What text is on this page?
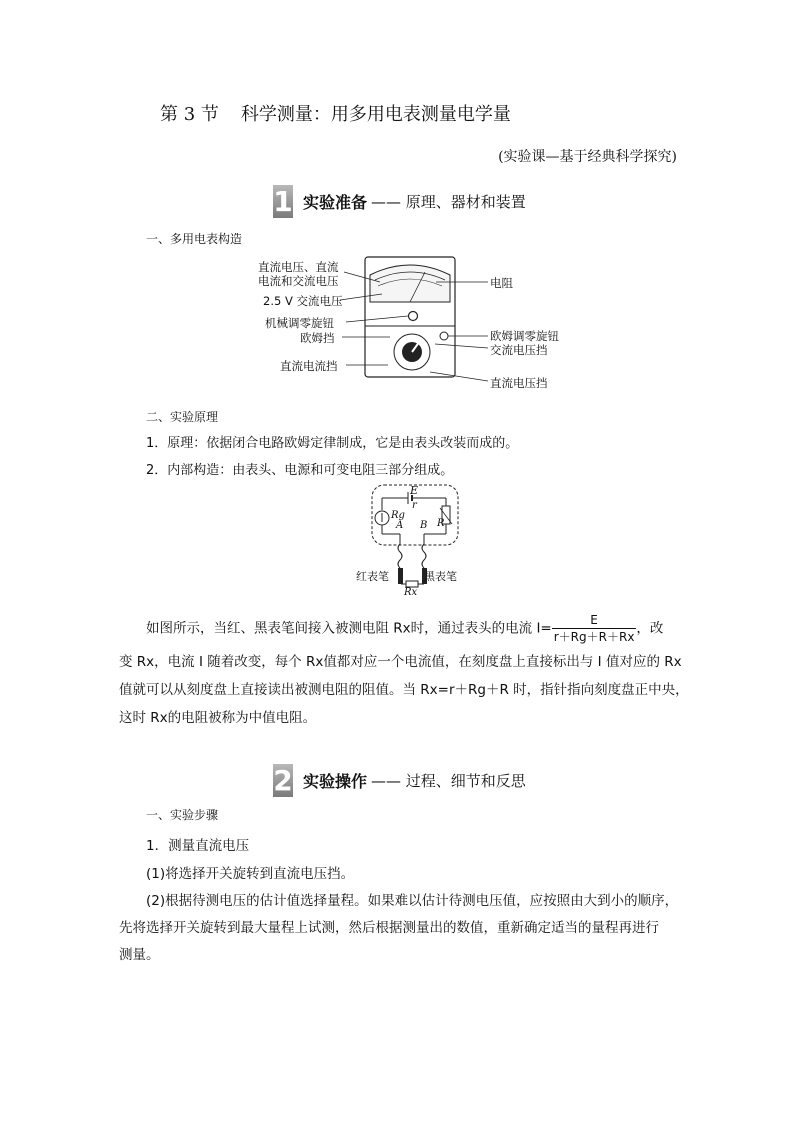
第 3 节 科学测量：用多用电表测量电学量
(实验课—基于经典科学探究)
1 实验准备	—— 原理、器材和装置
一、多用电表构造
直流电压、直流
电流和交流电压
2.5 V 交流电压
机械调零旋钮
欧姆挡
直流电流挡
电阻
欧姆调零旋钮
交流电压挡
直流电压挡
二、实验原理
1．原理：依据闭合电路欧姆定律制成，它是由表头改装而成的。
2．内部构造：由表头、电源和可变电阻三部分组成。
E
r
Rg
R
A B
红表笔	黑表笔
Rx
如图所示，当红、黑表笔间接入被测电阻 Rx时，通过表头的电流 $I= \frac{E}{r+Rg+R+Rx}$ ，改
变 Rx，电流 I 随着改变，每个 Rx值都对应一个电流值，在刻度盘上直接标出与 I 值对应的 Rx
值就可以从刻度盘上直接读出被测电阻的阻值。当 Rx=r＋Rg＋R 时，指针指向刻度盘正中央，
这时 Rx的电阻被称为中值电阻。
2 实验操作	—— 过程、细节和反思
一、实验步骤
1．测量直流电压
(1)将选择开关旋转到直流电压挡。
(2)根据待测电压的估计值选择量程。如果难以估计待测电压值，应按照由大到小的顺序，
先将选择开关旋转到最大量程上试测，然后根据测量出的数值，重新确定适当的量程再进行
测量。
